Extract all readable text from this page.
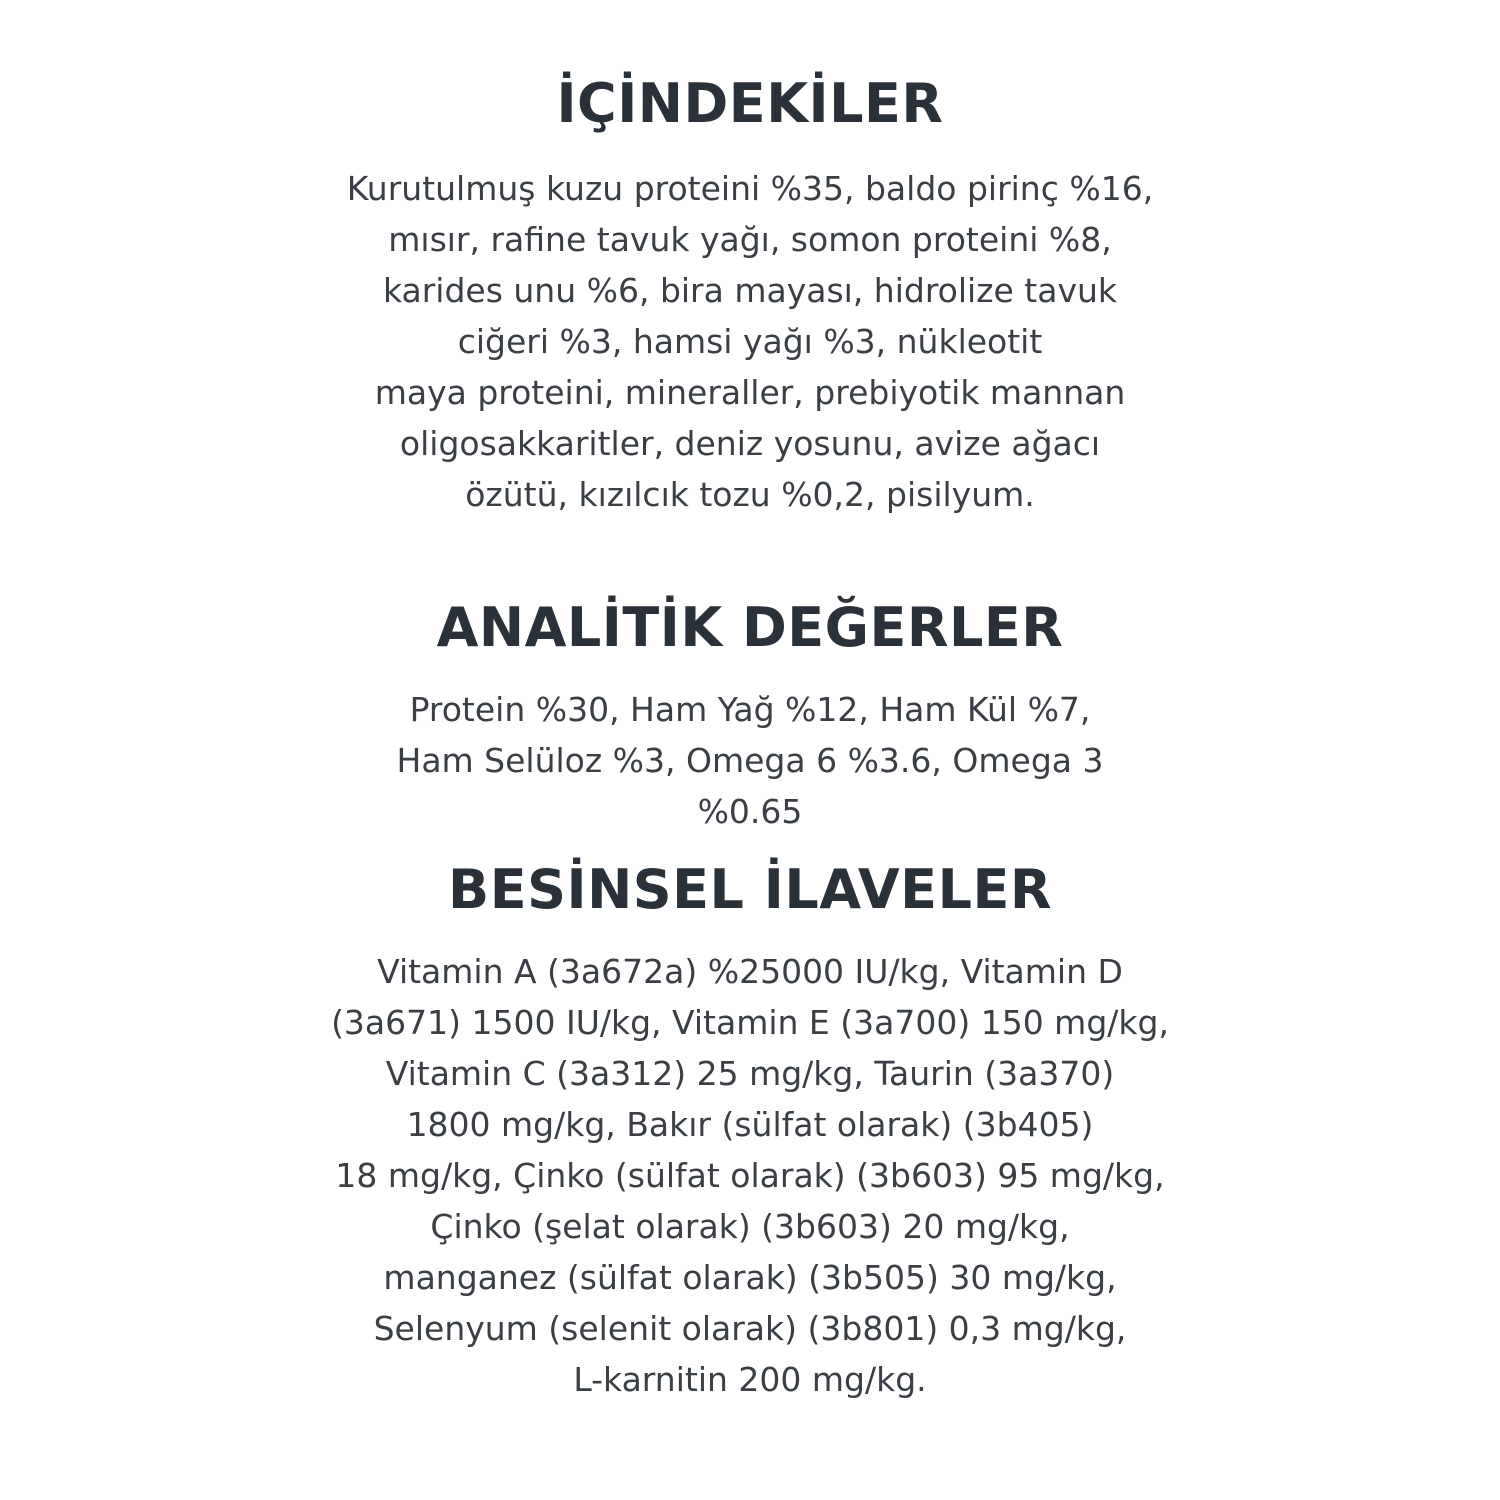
İÇİNDEKİLER
Kurutulmuş kuzu proteini %35, baldo pirinç %16,
mısır, rafine tavuk yağı, somon proteini %8,
karides unu %6, bira mayası, hidrolize tavuk
ciğeri %3, hamsi yağı %3, nükleotit
maya proteini, mineraller, prebiyotik mannan
oligosakkaritler, deniz yosunu, avize ağacı
özütü, kızılcık tozu %0,2, pisilyum.
ANALİTİK DEĞERLER
Protein %30, Ham Yağ %12, Ham Kül %7,
Ham Selüloz %3, Omega 6 %3.6, Omega 3
%0.65
BESİNSEL İLAVELER
Vitamin A (3a672a) %25000 IU/kg, Vitamin D
(3a671) 1500 IU/kg, Vitamin E (3a700) 150 mg/kg,
Vitamin C (3a312) 25 mg/kg, Taurin (3a370)
1800 mg/kg, Bakır (sülfat olarak) (3b405)
18 mg/kg, Çinko (sülfat olarak) (3b603) 95 mg/kg,
Çinko (şelat olarak) (3b603) 20 mg/kg,
manganez (sülfat olarak) (3b505) 30 mg/kg,
Selenyum (selenit olarak) (3b801) 0,3 mg/kg,
L-karnitin 200 mg/kg.
